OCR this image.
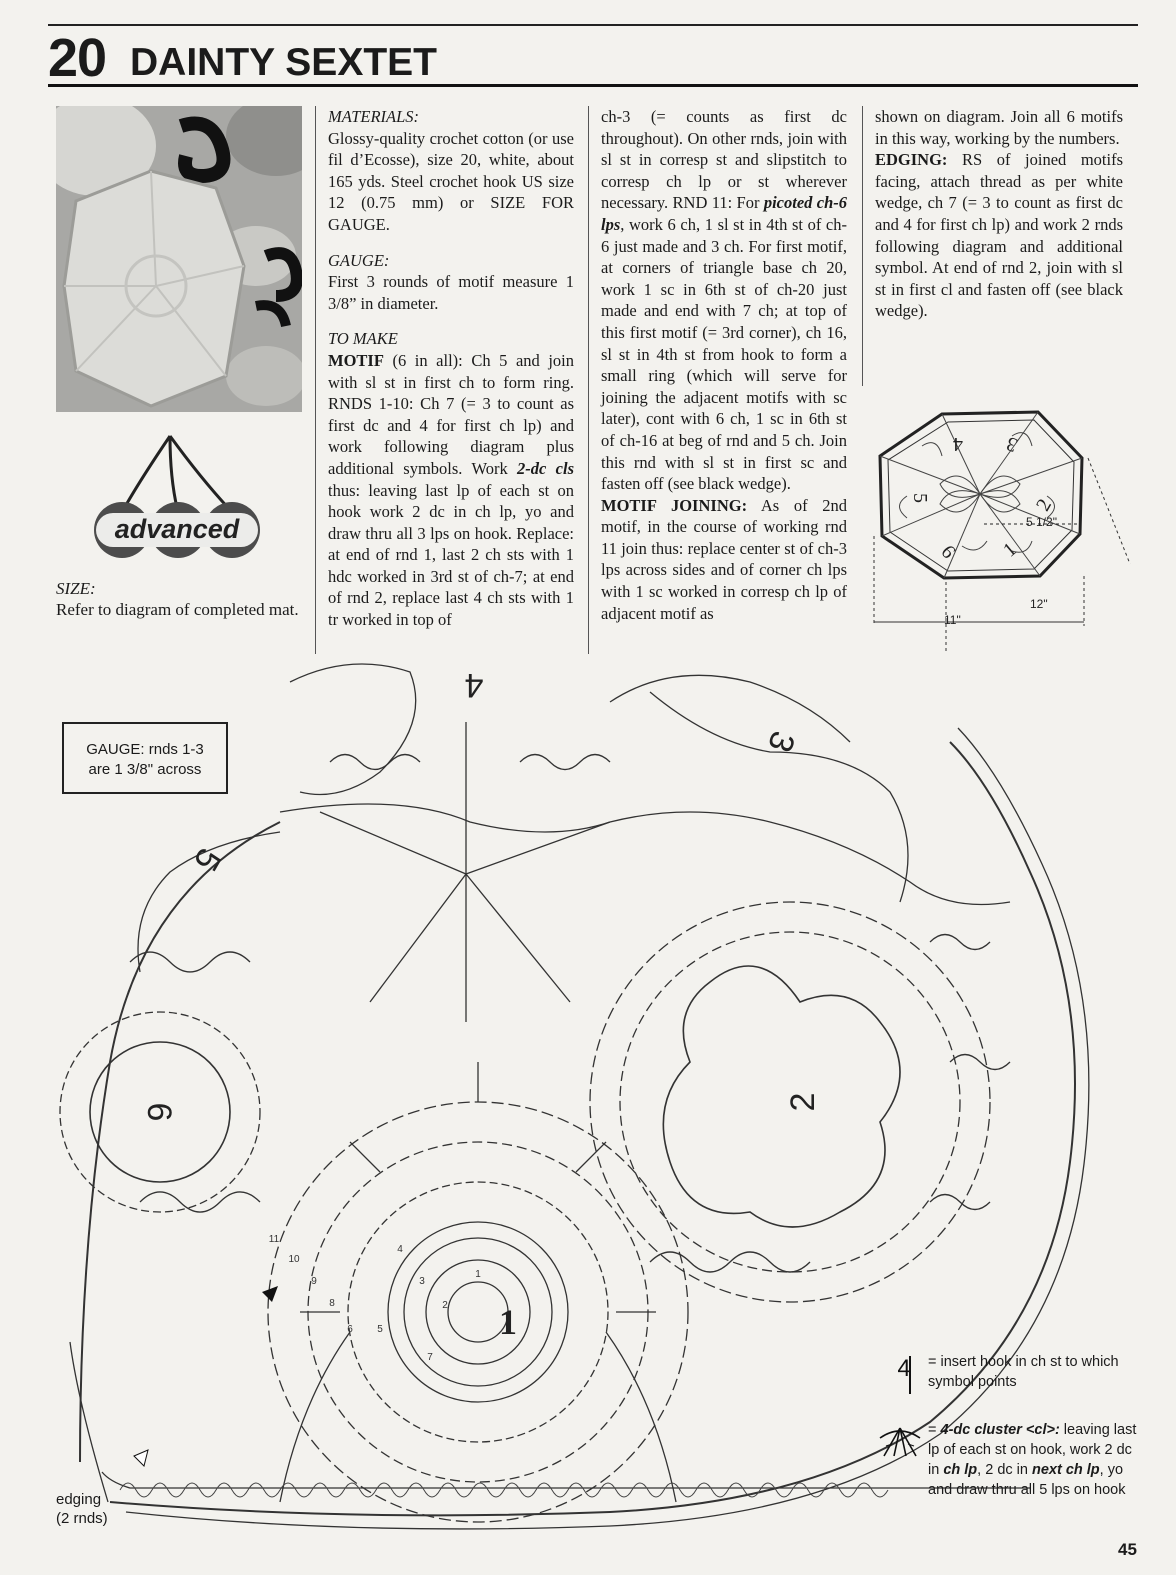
20 DAINTY SEXTET
advanced
SIZE:
Refer to diagram of completed mat.
MATERIALS:

Glossy-quality crochet cotton (or use fil d’Ecosse), size 20, white, about 165 yds. Steel crochet hook US size 12 (0.75 mm) or SIZE FOR GAUGE.

GAUGE:

First 3 rounds of motif measure 1 3/8” in diameter.

TO MAKE

MOTIF (6 in all): Ch 5 and join with sl st in first ch to form ring. RNDS 1-10: Ch 7 (= 3 to count as first dc and 4 for first ch lp) and work following diagram plus additional symbols. Work 2-dc cls thus: leaving last lp of each st on hook work 2 dc in ch lp, yo and draw thru all 3 lps on hook. Replace: at end of rnd 1, last 2 ch sts with 1 hdc worked in 3rd st of ch-7; at end of rnd 2, replace last 4 ch sts with 1 tr worked in top of

ch-3 (= counts as first dc throughout). On other rnds, join with sl st in corresp st and slipstitch to corresp ch lp or st wherever necessary. RND 11: For picoted ch-6 lps, work 6 ch, 1 sl st in 4th st of ch-6 just made and 3 ch. For first motif, at corners of triangle base ch 20, work 1 sc in 6th st of ch-20 just made and end with 7 ch; at top of this first motif (= 3rd corner), ch 16, sl st in 4th st from hook to form a small ring (which will serve for joining the adjacent motifs with sc later), cont with 6 ch, 1 sc in 6th st of ch-16 at beg of rnd and 5 ch. Join this rnd with sl st in first sc and fasten off (see black wedge).

MOTIF JOINING: As of 2nd motif, in the course of working rnd 11 join thus: replace center st of ch-3 lps across sides and of corner ch lps with 1 sc worked in corresp ch lp of adjacent motif as

shown on diagram. Join all 6 motifs in this way, working by the numbers.

EDGING: RS of joined motifs facing, attach thread as per white wedge, ch 7 (= 3 to count as first dc and 4 for first ch lp) and work 2 rnds following diagram and additional symbol. At end of rnd 2, join with sl st in first cl and fasten off (see black wedge).

4 3
5	2
6 1
5 1/2"
12"
11"
1
2
3
4
5
6
1
2
3
4
5
6
7
8
9
10
11
GAUGE: rnds 1-3
are 1 3/8" across
4 = insert hook in ch st to which symbol points
= 4-dc cluster <cl>: leaving last lp of each st on hook, work 2 dc in ch lp, 2 dc in next ch lp, yo and draw thru all 5 lps on hook
edging
(2 rnds)
45
